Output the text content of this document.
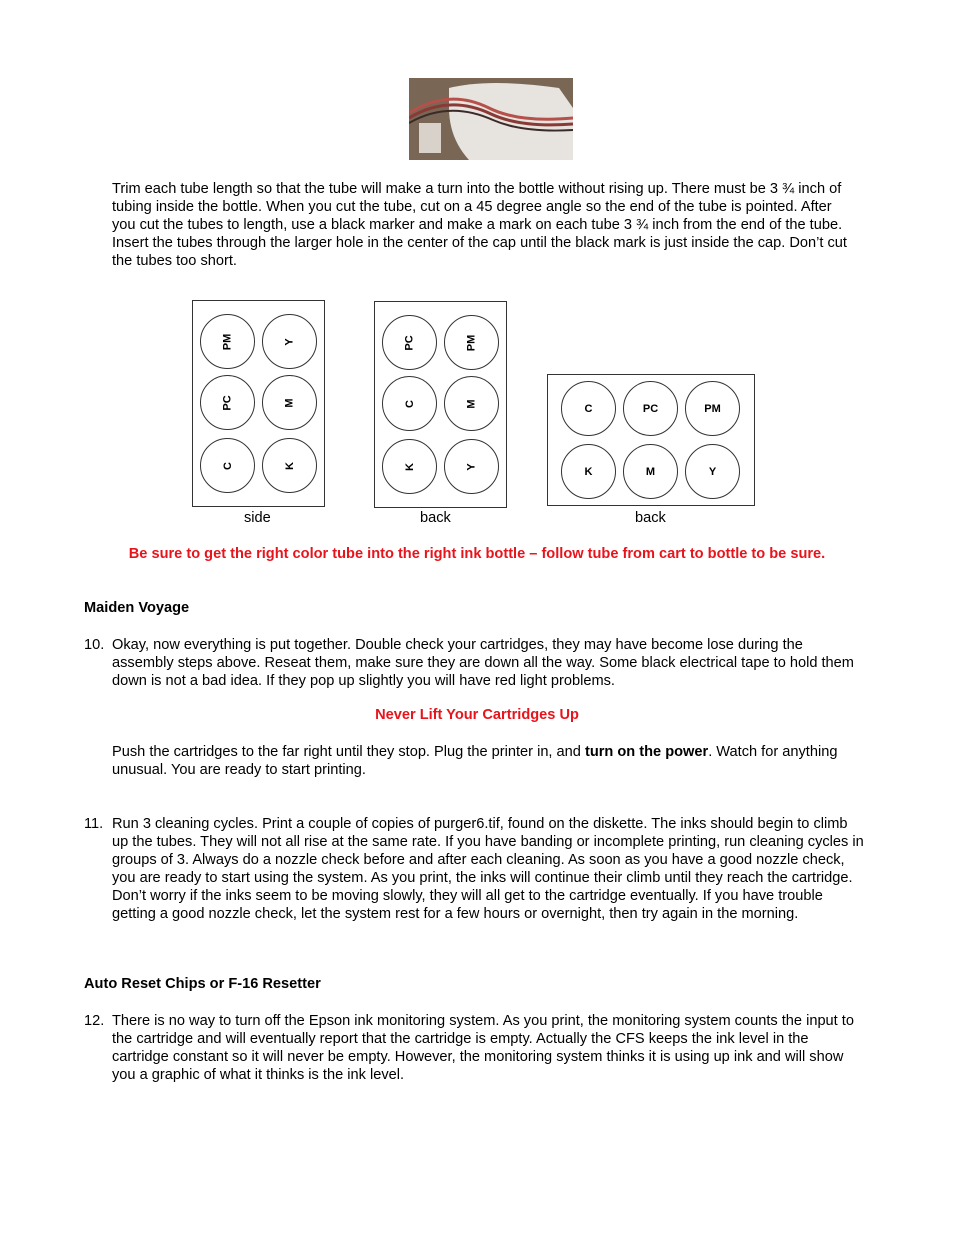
Trim each tube length so that the tube will make a turn into the bottle without rising up. There must be 3 ¾ inch of tubing inside the bottle. When you cut the tube, cut on a 45 degree angle so the end of the tube is pointed. After you cut the tubes to length, use a black marker and make a mark on each tube 3 ¾ inch from the end of the tube. Insert the tubes through the larger hole in the center of the cap until the black mark is just inside the cap. Don’t cut the tubes too short.

PM	Y
PC	M
C	K

side

PC	PM
C	M
K	Y

back

C	PC	PM
K	M	Y

back

Be sure to get the right color tube into the right ink bottle – follow tube from cart to bottle to be sure.

Maiden Voyage

10. Okay, now everything is put together. Double check your cartridges, they may have become lose during the assembly steps above. Reseat them, make sure they are down all the way. Some black electrical tape to hold them down is not a bad idea. If they pop up slightly you will have red light problems.

Never Lift Your Cartridges Up

Push the cartridges to the far right until they stop. Plug the printer in, and turn on the power. Watch for anything unusual. You are ready to start printing.

11. Run 3 cleaning cycles. Print a couple of copies of purger6.tif, found on the diskette. The inks should begin to climb up the tubes. They will not all rise at the same rate. If you have banding or incomplete printing, run cleaning cycles in groups of 3. Always do a nozzle check before and after each cleaning. As soon as you have a good nozzle check, you are ready to start using the system. As you print, the inks will continue their climb until they reach the cartridge. Don’t worry if the inks seem to be moving slowly, they will all get to the cartridge eventually. If you have trouble getting a good nozzle check, let the system rest for a few hours or overnight, then try again in the morning.

Auto Reset Chips or F-16 Resetter

12. There is no way to turn off the Epson ink monitoring system. As you print, the monitoring system counts the input to the cartridge and will eventually report that the cartridge is empty. Actually the CFS keeps the ink level in the cartridge constant so it will never be empty. However, the monitoring system thinks it is using up ink and will show you a graphic of what it thinks is the ink level.
